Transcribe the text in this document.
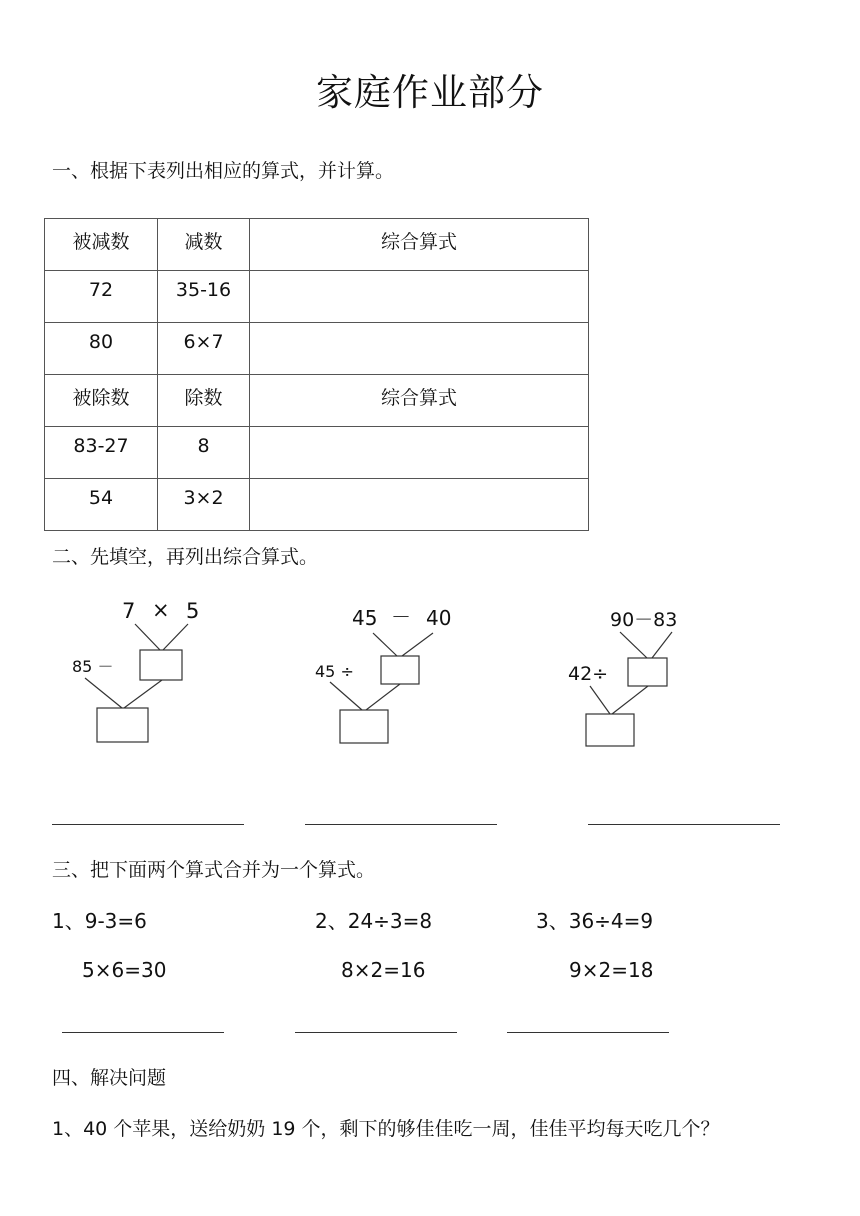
家庭作业部分
一、根据下表列出相应的算式，并计算。
被减数	减数	综合算式
72	35-16	
80	6×7	
被除数	除数	综合算式
83-27	8	
54	3×2	
二、先填空，再列出综合算式。
7 × 5
85 －
45 － 40
45 ÷
90－83
42÷
三、把下面两个算式合并为一个算式。
1、9-3=6	2、24÷3=8	3、36÷4=9
5×6=30	8×2=16	9×2=18
四、解决问题
1、40 个苹果，送给奶奶 19 个，剩下的够佳佳吃一周，佳佳平均每天吃几个？
